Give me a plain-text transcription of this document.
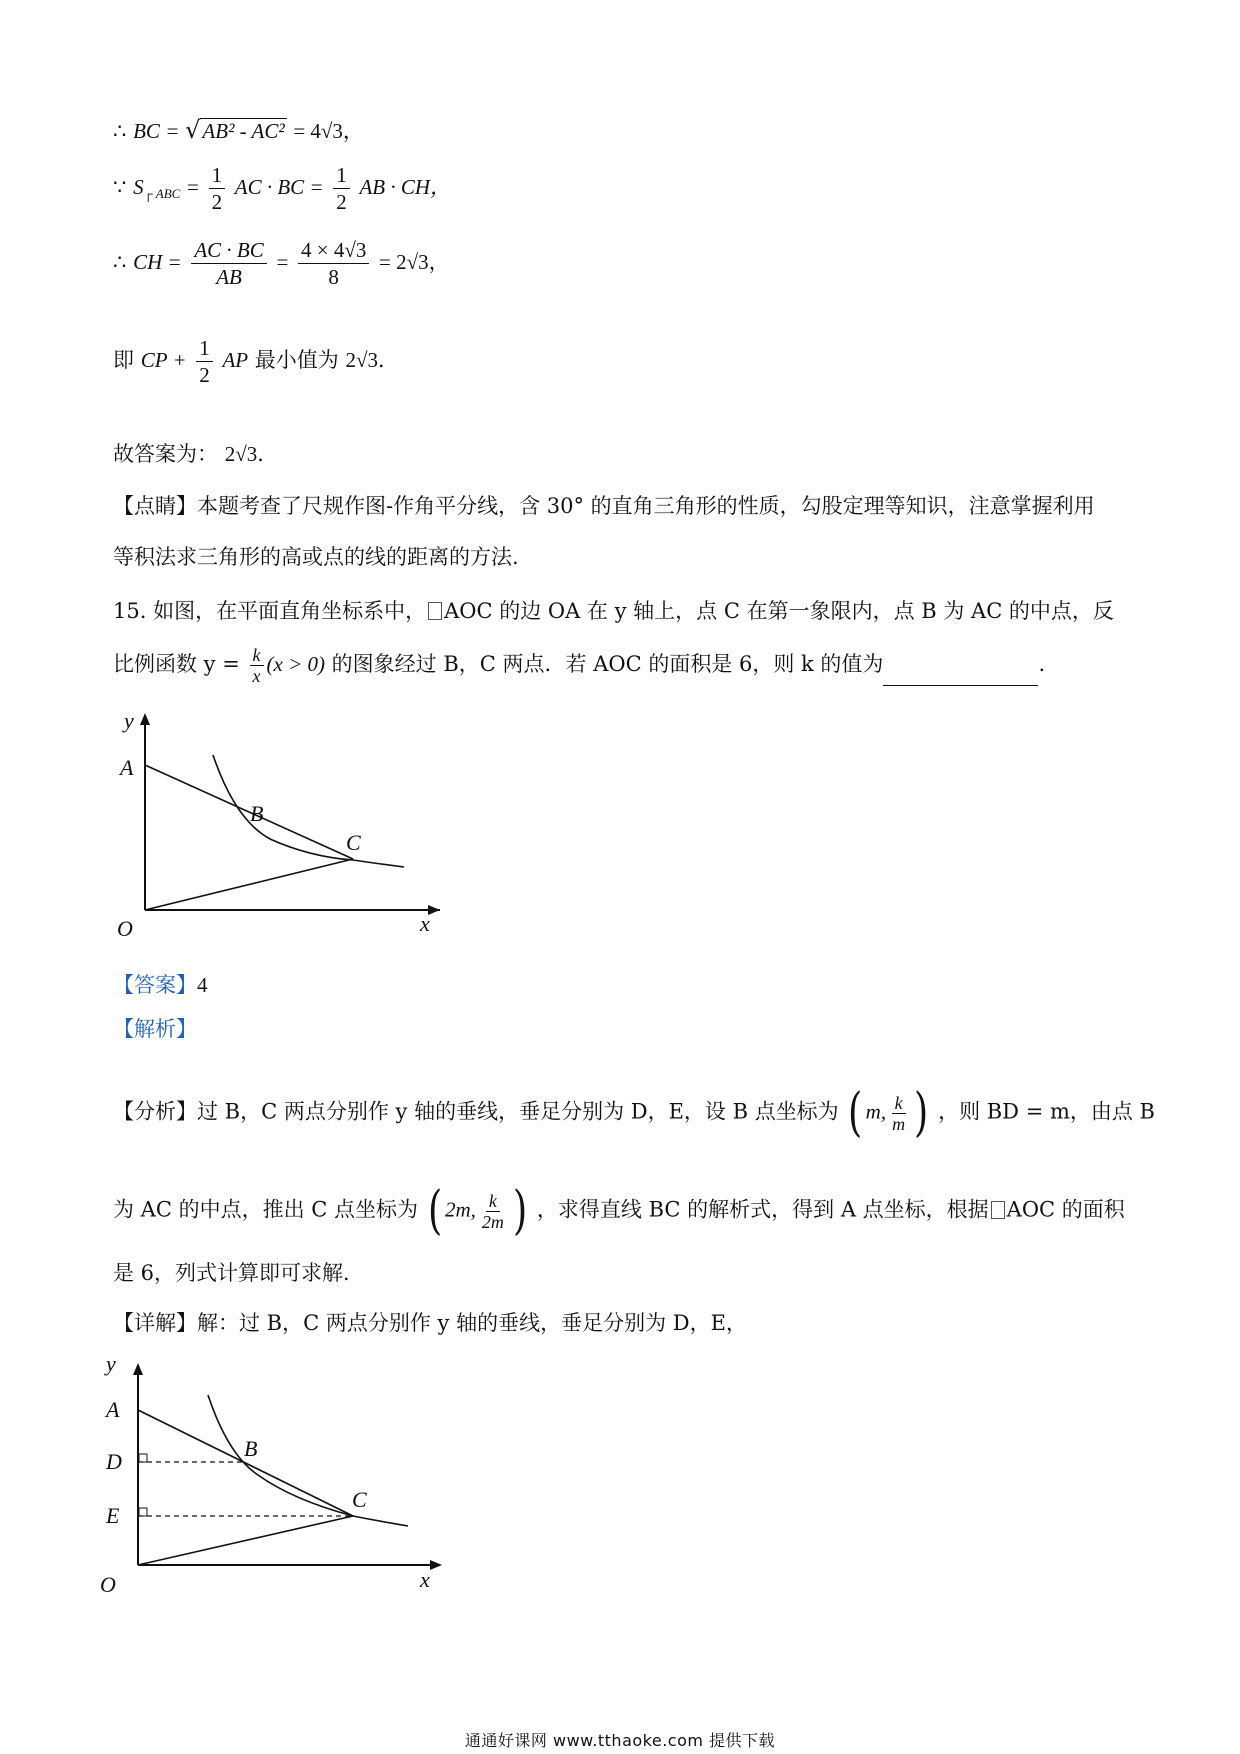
∴ BC = √AB² - AC² = 4√3，
∵ $S_{┌ ABC} = \frac{1}{2}$ AC · BC = $\frac{1}{2}$ AB · CH，
∴ CH = $\frac{AC \cdot BC}{AB} = \frac{4 \times 4√3}{8} = 2√3$，
即 CP + $\frac{1}{2}$ AP 最小值为 2√3．
故答案为： 2√3．
【点睛】本题考查了尺规作图-作角平分线，含 30° 的直角三角形的性质，勾股定理等知识，注意掌握利用
等积法求三角形的高或点的线的距离的方法.
15. 如图，在平面直角坐标系中， AOC 的边 OA 在 y 轴上，点 C 在第一象限内，点 B 为 AC 的中点，反
比例函数 $y = \frac{k}{x} (x > 0)$ 的图象经过 B，C 两点．若 AOC 的面积是 6，则 k 的值为	.
y
A
B
C
O	x
【答案】4
【解析】
【分析】过 B，C 两点分别作 y 轴的垂线，垂足分别为 D，E，设 B 点坐标为 ( m, $\frac{k}{m}$ ) ，则 BD = m，由点 B
为 AC 的中点，推出 C 点坐标为 ( 2m, $\frac{k}{2m}$ ) ，求得直线 BC 的解析式，得到 A 点坐标，根据 AOC 的面积
是 6，列式计算即可求解．
【详解】解：过 B，C 两点分别作 y 轴的垂线，垂足分别为 D，E，
y
A
D
B
E
C
O	x
通通好课网 www.tthaoke.com 提供下载
